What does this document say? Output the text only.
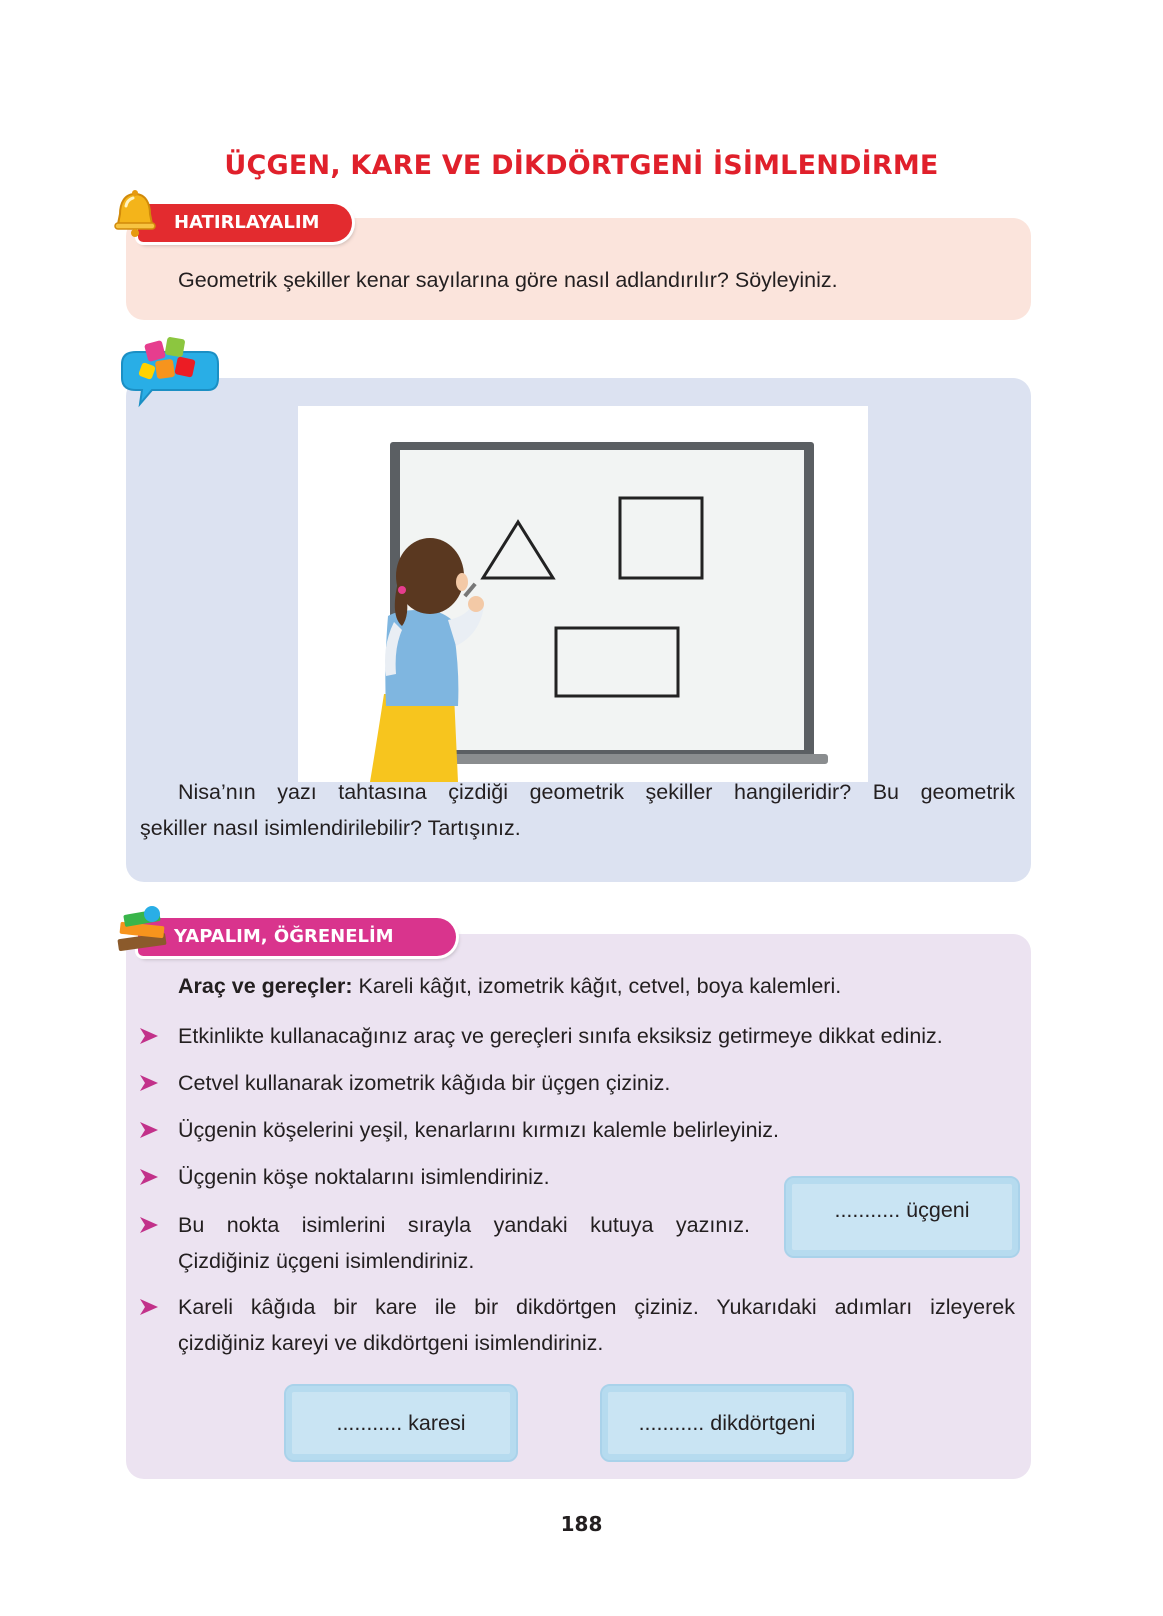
ÜÇGEN, KARE VE DİKDÖRTGENİ İSİMLENDİRME
HATIRLAYALIM
Geometrik şekiller kenar sayılarına göre nasıl adlandırılır? Söyleyiniz.
Nisa’nın yazı tahtasına çizdiği geometrik şekiller hangileridir? Bu geometrik
şekiller nasıl isimlendirilebilir? Tartışınız.
YAPALIM, ÖĞRENELİM
Araç ve gereçler: Kareli kâğıt, izometrik kâğıt, cetvel, boya kalemleri.
Etkinlikte kullanacağınız araç ve gereçleri sınıfa eksiksiz getirmeye dikkat ediniz.
Cetvel kullanarak izometrik kâğıda bir üçgen çiziniz.
Üçgenin köşelerini yeşil, kenarlarını kırmızı kalemle belirleyiniz.
Üçgenin köşe noktalarını isimlendiriniz.
Bu nokta isimlerini sırayla yandaki kutuya yazınız.
Çizdiğiniz üçgeni isimlendiriniz.
Kareli kâğıda bir kare ile bir dikdörtgen çiziniz. Yukarıdaki adımları izleyerek
çizdiğiniz kareyi ve dikdörtgeni isimlendiriniz.
........... üçgeni
........... karesi	........... dikdörtgeni
188
